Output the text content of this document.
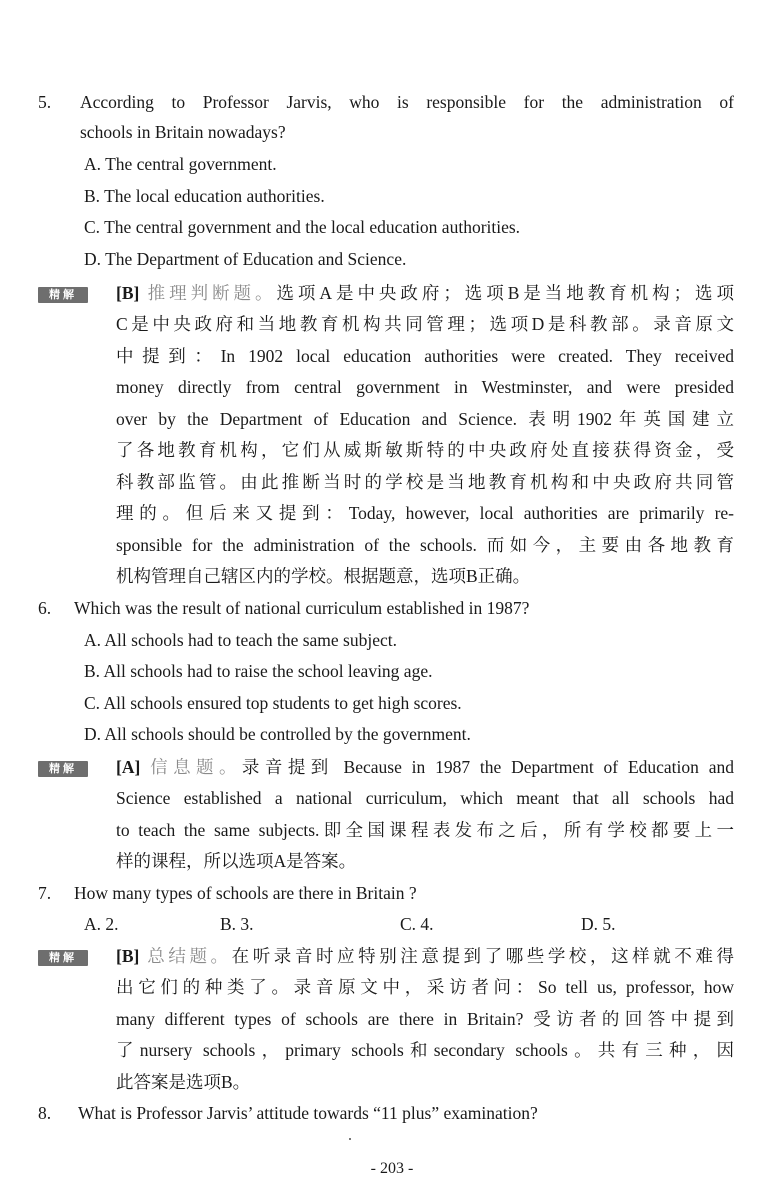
5. According to Professor Jarvis, who is responsible for the administration of
schools in Britain nowadays?
A. The central government.
B. The local education authorities.
C. The central government and the local education authorities.
D. The Department of Education and Science.
精解	[B] 推理判断题。选项A是中央政府；选项B是当地教育机构；选项
C是中央政府和当地教育机构共同管理；选项D是科教部。录音原文
中提到：In 1902 local education authorities were created. They received
money directly from central government in Westminster, and were presided
over by the Department of Education and Science. 表明1902年英国建立
了各地教育机构，它们从威斯敏斯特的中央政府处直接获得资金，受
科教部监管。由此推断当时的学校是当地教育机构和中央政府共同管
理的。但后来又提到：Today, however, local authorities are primarily re-
sponsible for the administration of the schools. 而如今，主要由各地教育
机构管理自己辖区内的学校。根据题意，选项B正确。
6. Which was the result of national curriculum established in 1987?
A. All schools had to teach the same subject.
B. All schools had to raise the school leaving age.
C. All schools ensured top students to get high scores.
D. All schools should be controlled by the government.
精解	[A] 信息题。录音提到 Because in 1987 the Department of Education and
Science established a national curriculum, which meant that all schools had
to teach the same subjects.即全国课程表发布之后，所有学校都要上一
样的课程，所以选项A是答案。
7. How many types of schools are there in Britain ?
A. 2.	B. 3.	C. 4.	D. 5.
精解	[B] 总结题。在听录音时应特别注意提到了哪些学校，这样就不难得
出它们的种类了。录音原文中，采访者问：So tell us, professor, how
many different types of schools are there in Britain? 受访者的回答中提到
了nursery schools，primary schools和secondary schools。共有三种，因
此答案是选项B。
8. What is Professor Jarvis’ attitude towards “11 plus” examination?
- 203 -
